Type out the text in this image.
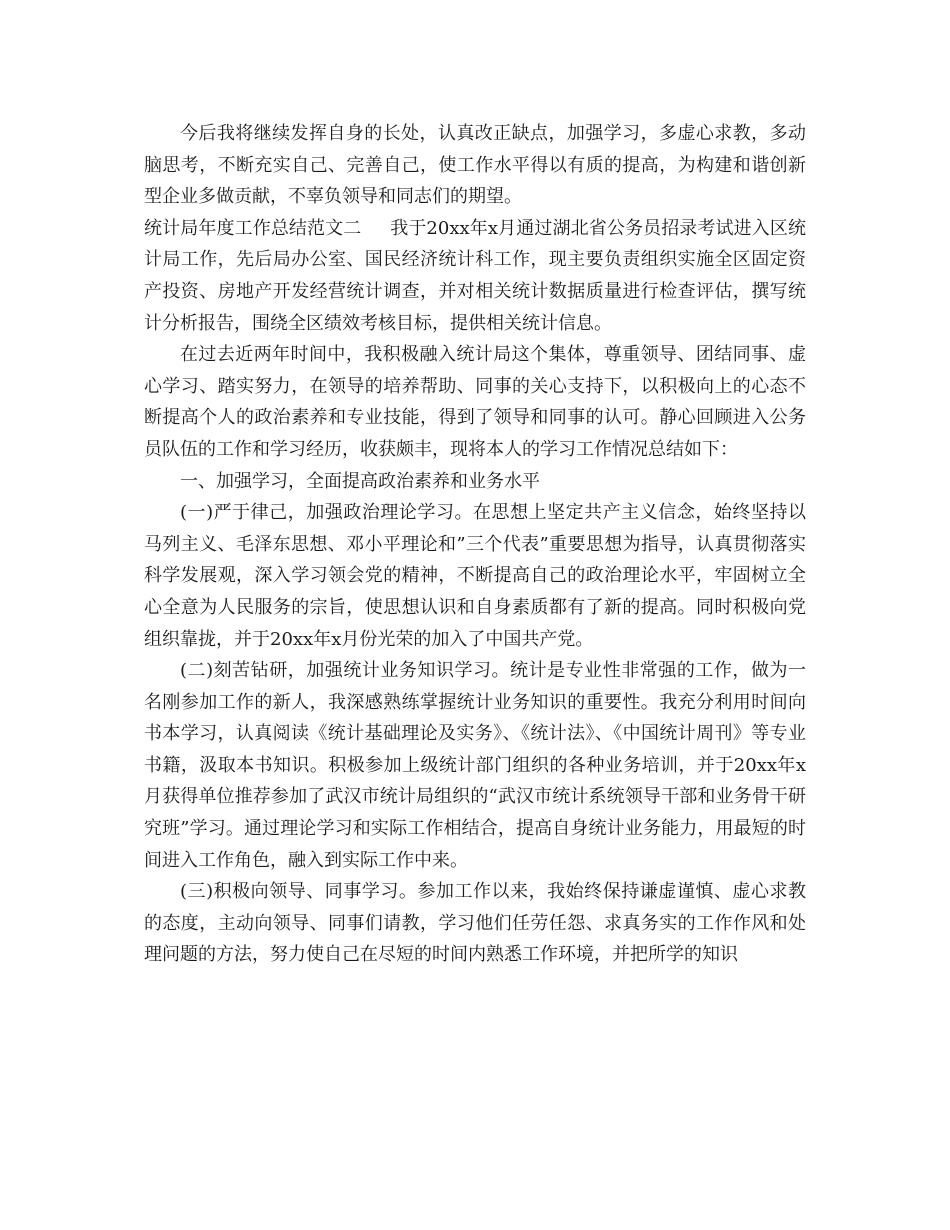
今后我将继续发挥自身的长处，认真改正缺点，加强学习，多虚心求教，多动脑思考，不断充实自己、完善自己，使工作水平得以有质的提高，为构建和谐创新型企业多做贡献，不辜负领导和同志们的期望。

统计局年度工作总结范文二 我于20xx年x月通过湖北省公务员招录考试进入区统计局工作，先后局办公室、国民经济统计科工作，现主要负责组织实施全区固定资产投资、房地产开发经营统计调查，并对相关统计数据质量进行检查评估，撰写统计分析报告，围绕全区绩效考核目标，提供相关统计信息。

在过去近两年时间中，我积极融入统计局这个集体，尊重领导、团结同事、虚心学习、踏实努力，在领导的培养帮助、同事的关心支持下，以积极向上的心态不断提高个人的政治素养和专业技能，得到了领导和同事的认可。静心回顾进入公务员队伍的工作和学习经历，收获颇丰，现将本人的学习工作情况总结如下：

一、加强学习，全面提高政治素养和业务水平

(一)严于律己，加强政治理论学习。在思想上坚定共产主义信念，始终坚持以马列主义、毛泽东思想、邓小平理论和”三个代表”重要思想为指导，认真贯彻落实科学发展观，深入学习领会党的精神，不断提高自己的政治理论水平，牢固树立全心全意为人民服务的宗旨，使思想认识和自身素质都有了新的提高。同时积极向党组织靠拢，并于20xx年x月份光荣的加入了中国共产党。

(二)刻苦钻研，加强统计业务知识学习。统计是专业性非常强的工作，做为一名刚参加工作的新人，我深感熟练掌握统计业务知识的重要性。我充分利用时间向书本学习，认真阅读《统计基础理论及实务》、《统计法》、《中国统计周刊》等专业书籍，汲取本书知识。积极参加上级统计部门组织的各种业务培训，并于20xx年x月获得单位推荐参加了武汉市统计局组织的“武汉市统计系统领导干部和业务骨干研究班”学习。通过理论学习和实际工作相结合，提高自身统计业务能力，用最短的时间进入工作角色，融入到实际工作中来。

(三)积极向领导、同事学习。参加工作以来，我始终保持谦虚谨慎、虚心求教的态度，主动向领导、同事们请教，学习他们任劳任怨、求真务实的工作作风和处理问题的方法，努力使自己在尽短的时间内熟悉工作环境，并把所学的知识
